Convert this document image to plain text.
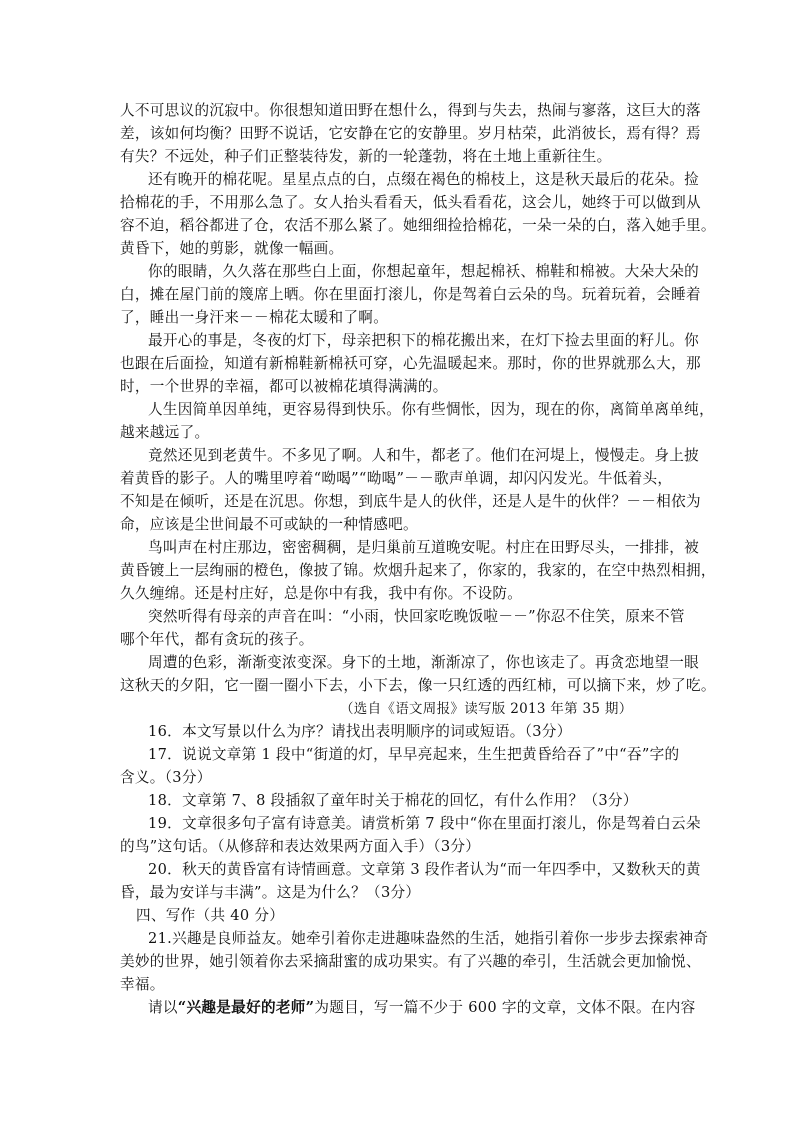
人不可思议的沉寂中。你很想知道田野在想什么，得到与失去，热闹与寥落，这巨大的落
差，该如何均衡？田野不说话，它安静在它的安静里。岁月枯荣，此消彼长，焉有得？焉
有失？不远处，种子们正整装待发，新的一轮蓬勃，将在土地上重新往生。
还有晚开的棉花呢。星星点点的白，点缀在褐色的棉枝上，这是秋天最后的花朵。捡
拾棉花的手，不用那么急了。女人抬头看看天，低头看看花，这会儿，她终于可以做到从
容不迫，稻谷都进了仓，农活不那么紧了。她细细捡拾棉花，一朵一朵的白，落入她手里。
黄昏下，她的剪影，就像一幅画。
你的眼睛，久久落在那些白上面，你想起童年，想起棉袄、棉鞋和棉被。大朵大朵的
白，摊在屋门前的篾席上晒。你在里面打滚儿，你是驾着白云朵的鸟。玩着玩着，会睡着
了，睡出一身汗来－－棉花太暖和了啊。
最开心的事是，冬夜的灯下，母亲把积下的棉花搬出来，在灯下捡去里面的籽儿。你
也跟在后面捡，知道有新棉鞋新棉袄可穿，心先温暖起来。那时，你的世界就那么大，那
时，一个世界的幸福，都可以被棉花填得满满的。
人生因简单因单纯，更容易得到快乐。你有些惆怅，因为，现在的你，离简单离单纯，
越来越远了。
竟然还见到老黄牛。不多见了啊。人和牛，都老了。他们在河堤上，慢慢走。身上披
着黄昏的影子。人的嘴里哼着“呦喝”“呦喝”－－歌声单调，却闪闪发光。牛低着头，
不知是在倾听，还是在沉思。你想，到底牛是人的伙伴，还是人是牛的伙伴？－－相依为
命，应该是尘世间最不可或缺的一种情感吧。
鸟叫声在村庄那边，密密稠稠，是归巢前互道晚安呢。村庄在田野尽头，一排排，被
黄昏镀上一层绚丽的橙色，像披了锦。炊烟升起来了，你家的，我家的，在空中热烈相拥，
久久缠绵。还是村庄好，总是你中有我，我中有你。不设防。
突然听得有母亲的声音在叫：“小雨，快回家吃晚饭啦－－”你忍不住笑，原来不管
哪个年代，都有贪玩的孩子。
周遭的色彩，渐渐变浓变深。身下的土地，渐渐凉了，你也该走了。再贪恋地望一眼
这秋天的夕阳，它一圈一圈小下去，小下去，像一只红透的西红柿，可以摘下来，炒了吃。
（选自《语文周报》读写版 2013 年第 35 期）
16．本文写景以什么为序？请找出表明顺序的词或短语。（3分）
17．说说文章第 1 段中“街道的灯，早早亮起来，生生把黄昏给吞了”中“吞”字的
含义。（3分）
18．文章第 7、8 段插叙了童年时关于棉花的回忆，有什么作用？（3分）
19．文章很多句子富有诗意美。请赏析第 7 段中“你在里面打滚儿，你是驾着白云朵
的鸟”这句话。（从修辞和表达效果两方面入手）（3分）
20．秋天的黄昏富有诗情画意。文章第 3 段作者认为“而一年四季中，又数秋天的黄
昏，最为安详与丰满”。这是为什么？（3分）
四、写作（共 40 分）
21.兴趣是良师益友。她牵引着你走进趣味盎然的生活，她指引着你一步步去探索神奇
美妙的世界，她引领着你去采摘甜蜜的成功果实。有了兴趣的牵引，生活就会更加愉悦、
幸福。
请以“兴趣是最好的老师”为题目，写一篇不少于 600 字的文章，文体不限。在内容
